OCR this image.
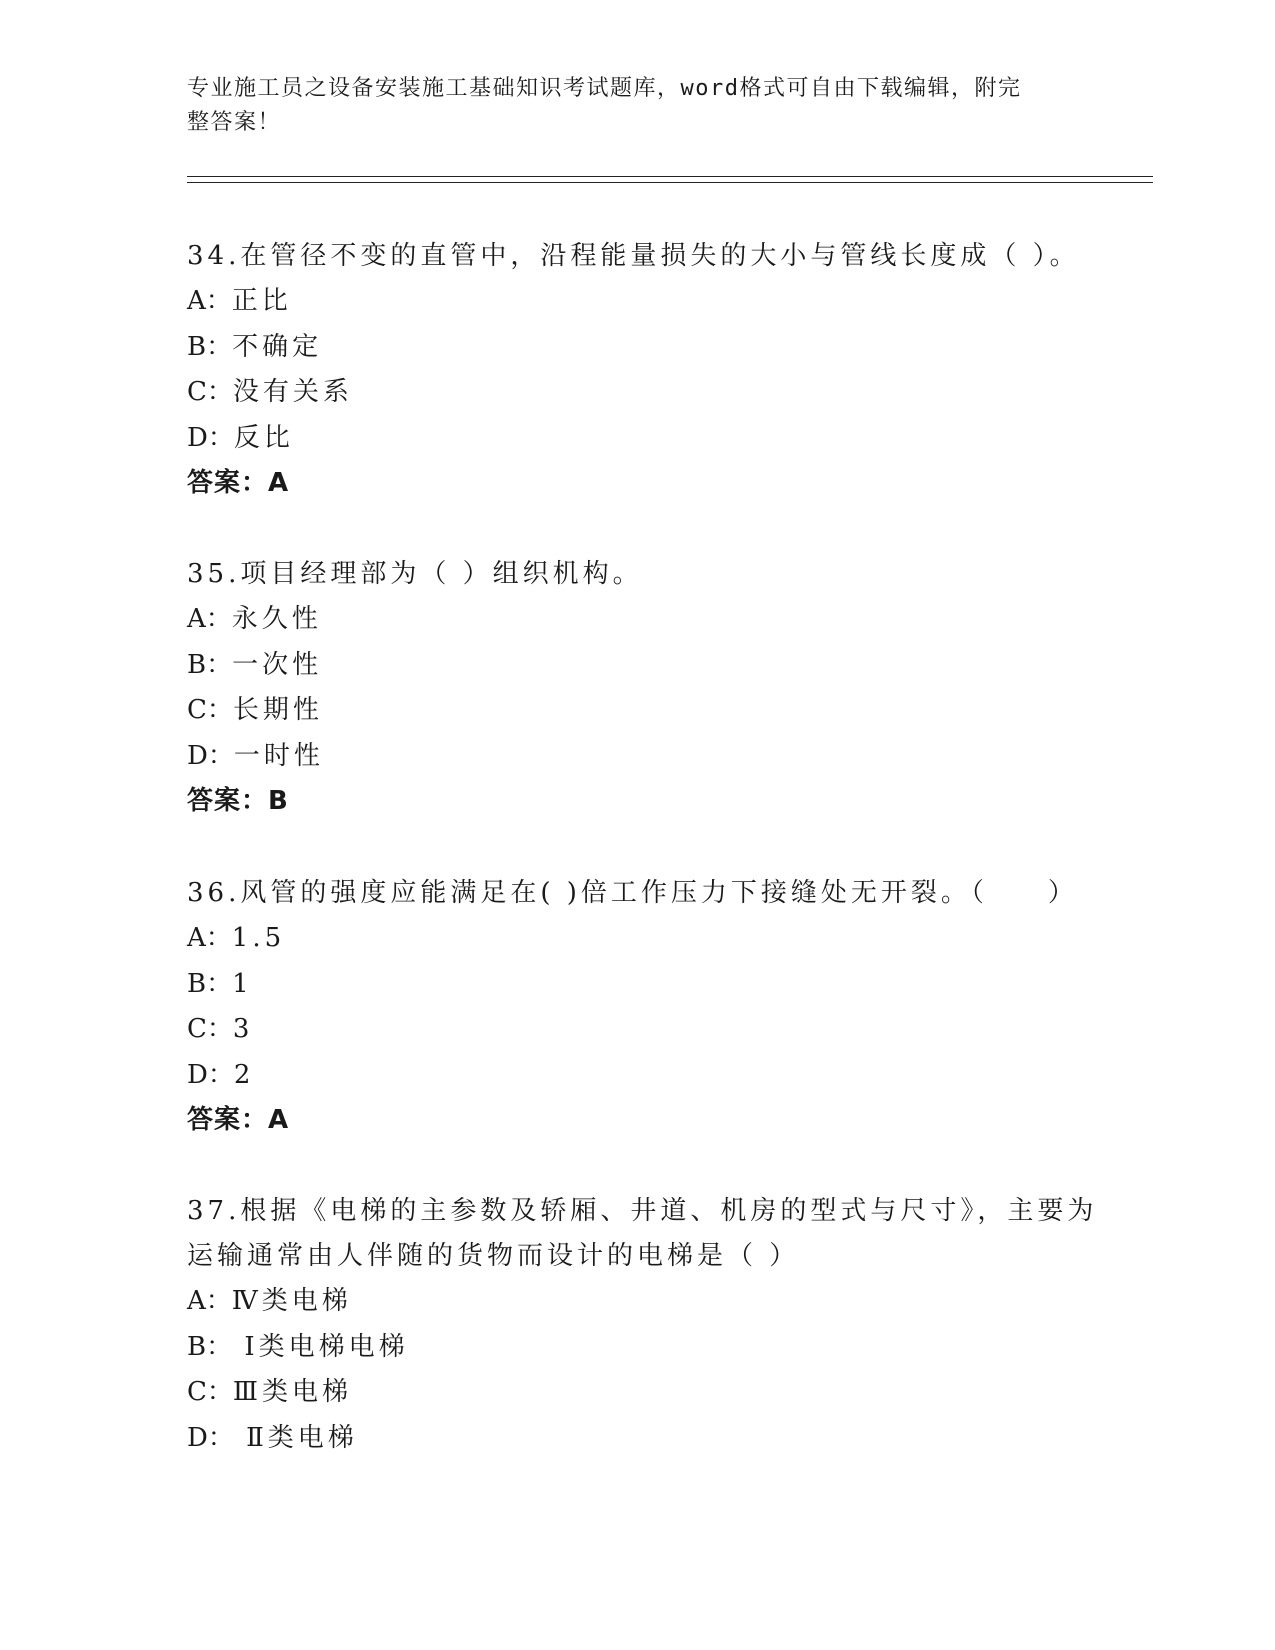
专业施工员之设备安装施工基础知识考试题库，word格式可自由下载编辑，附完
整答案！
34.在管径不变的直管中，沿程能量损失的大小与管线长度成（ ）。
A：正比
B：不确定
C：没有关系
D：反比
答案：A
35.项目经理部为（ ）组织机构。
A：永久性
B：一次性
C：长期性
D：一时性
答案：B
36.风管的强度应能满足在( )倍工作压力下接缝处无开裂。（　　）
A：1.5
B：1
C：3
D：2
答案：A
37.根据《电梯的主参数及轿厢、井道、机房的型式与尺寸》，主要为
运输通常由人伴随的货物而设计的电梯是（ ）
A：Ⅳ类电梯
B： Ⅰ类电梯电梯
C：Ⅲ类电梯
D： Ⅱ类电梯
